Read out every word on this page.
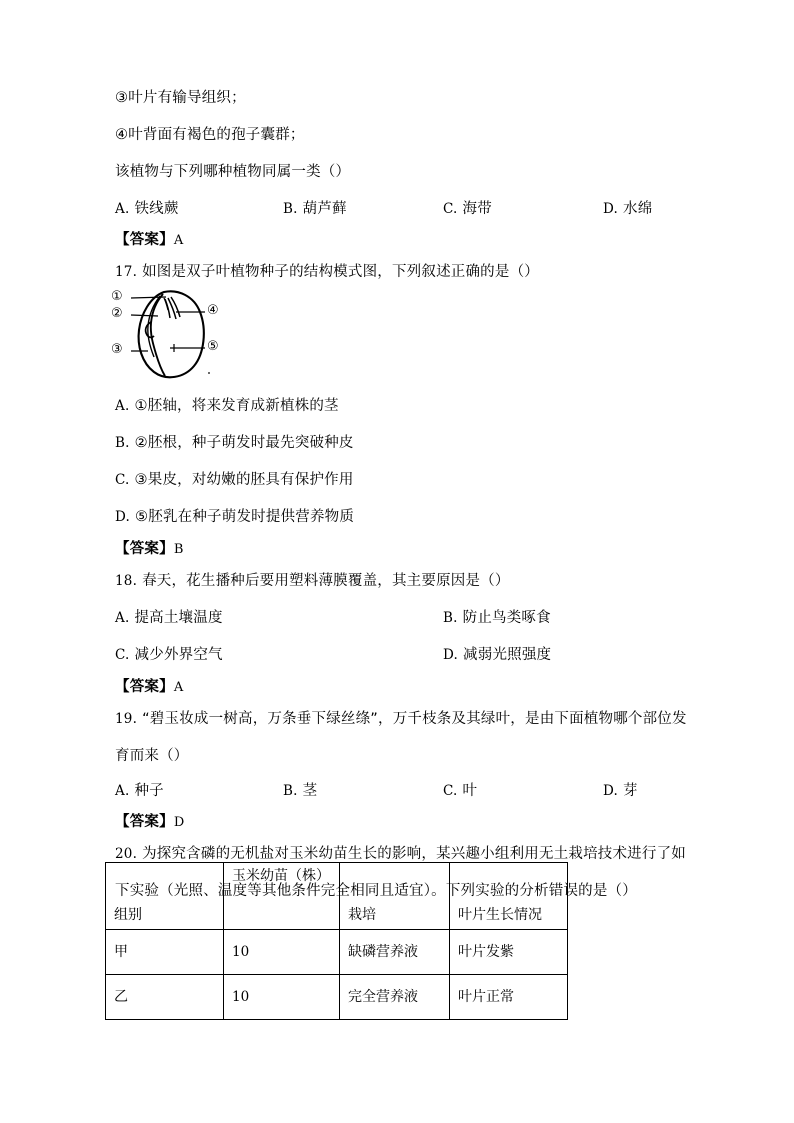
③叶片有输导组织；
④叶背面有褐色的孢子囊群；
该植物与下列哪种植物同属一类（）
A. 铁线蕨	B. 葫芦藓	C. 海带	D. 水绵
【答案】A
17. 如图是双子叶植物种子的结构模式图，下列叙述正确的是（）
①
②
③
④
⑤
A. ①胚轴，将来发育成新植株的茎
B. ②胚根，种子萌发时最先突破种皮
C. ③果皮，对幼嫩的胚具有保护作用
D. ⑤胚乳在种子萌发时提供营养物质
【答案】B
18. 春天，花生播种后要用塑料薄膜覆盖，其主要原因是（）
A. 提高土壤温度	B. 防止鸟类啄食
C. 减少外界空气	D. 减弱光照强度
【答案】A
19. “碧玉妆成一树高，万条垂下绿丝绦”，万千枝条及其绿叶，是由下面植物哪个部位发
育而来（）
A. 种子	B. 茎	C. 叶	D. 芽
【答案】D
20. 为探究含磷的无机盐对玉米幼苗生长的影响，某兴趣小组利用无土栽培技术进行了如
下实验（光照、温度等其他条件完全相同且适宜）。下列实验的分析错误的是（）
组别	玉米幼苗（株）	栽培	叶片生长情况
甲	10	缺磷营养液	叶片发紫
乙	10	完全营养液	叶片正常
